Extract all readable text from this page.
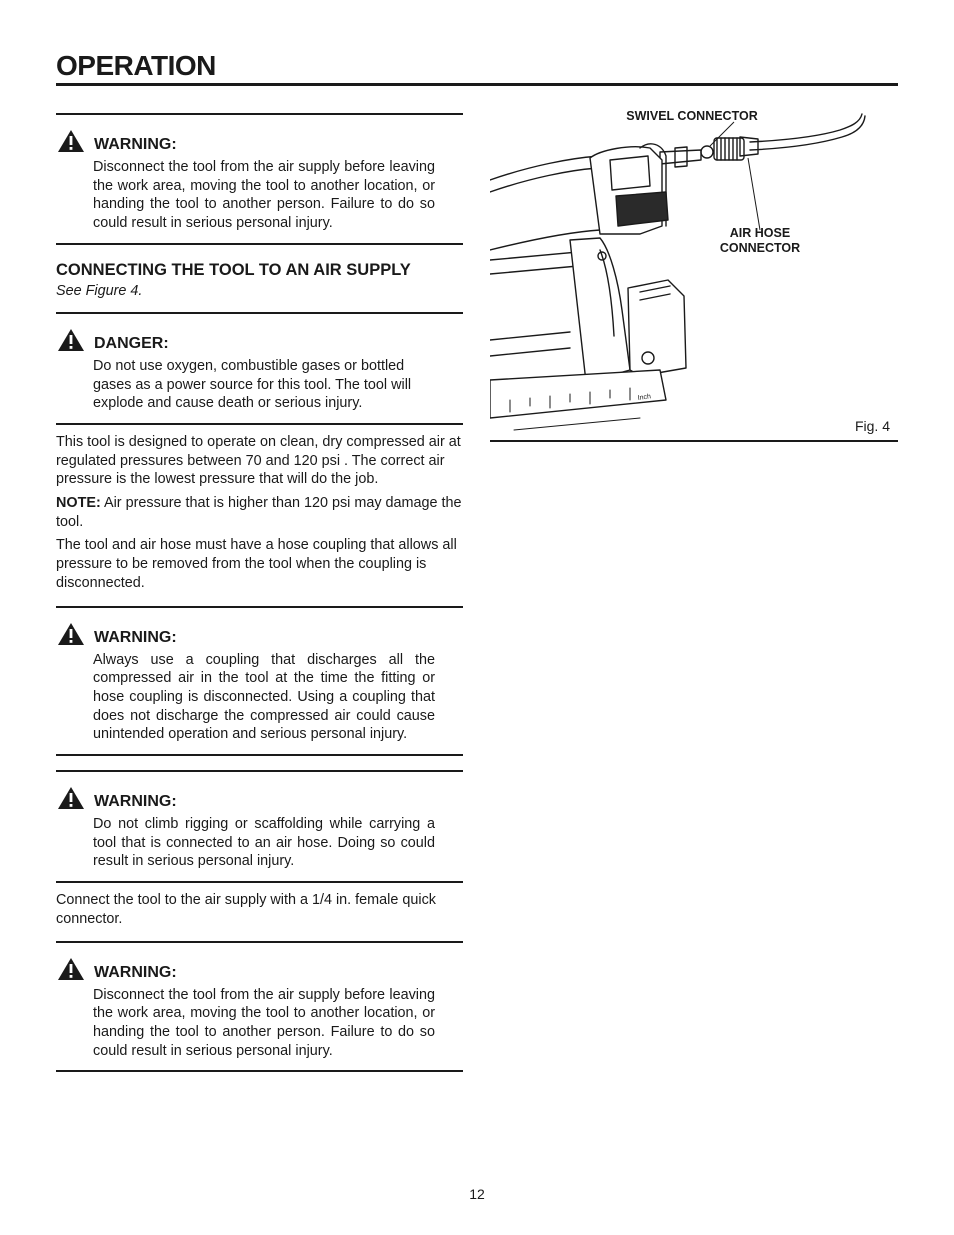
OPERATION
WARNING:

Disconnect the tool from the air supply before leaving the work area, moving the tool to another location, or handing the tool to another person. Failure to do so could result in serious personal injury.

CONNECTING THE TOOL TO AN AIR SUPPLY

See Figure 4.

DANGER:

Do not use oxygen, combustible gases or bottled gases as a power source for this tool. The tool will explode and cause death or serious injury.

This tool is designed to operate on clean, dry compressed air at regulated pressures between 70 and 120 psi . The correct air pressure is the lowest pressure that will do the job.

NOTE: Air pressure that is higher than 120 psi may damage the tool.

The tool and air hose must have a hose coupling that allows all pressure to be removed from the tool when the coupling is disconnected.

WARNING:

Always use a coupling that discharges all the compressed air in the tool at the time the fitting or hose coupling is disconnected. Using a coupling that does not discharge the compressed air could cause unintended operation and serious personal injury.

WARNING:

Do not climb rigging or scaffolding while carrying a tool that is connected to an air hose. Doing so could result in serious personal injury.

Connect the tool to the air supply with a 1/4 in. female quick connector.

WARNING:

Disconnect the tool from the air supply before leaving the work area, moving the tool to another location, or handing the tool to another person. Failure to do so could result in serious personal injury.

Inch
SWIVEL CONNECTOR
AIR HOSE
CONNECTOR
Fig. 4
12
